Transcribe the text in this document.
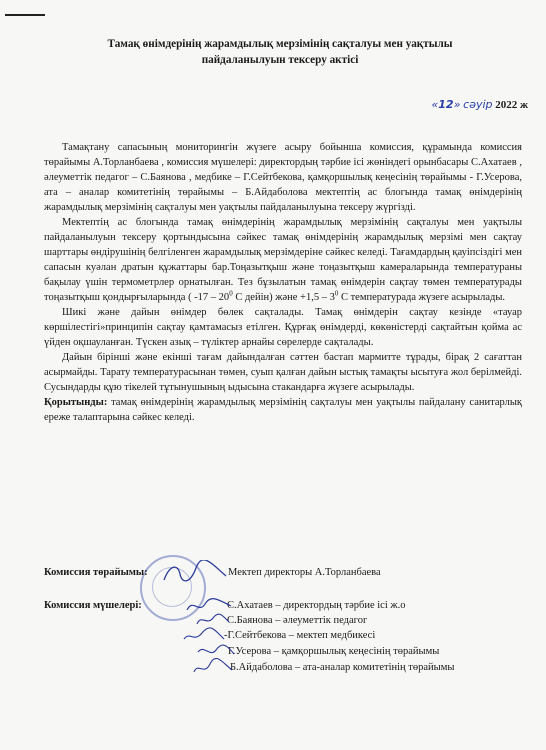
Тамақ өнімдерінің жарамдылық мерзімінің сақталуы мен уақтылы
пайдаланылуын тексеру актісі
«12» сәуір 2022 ж

Тамақтану сапасының мониторингін жүзеге асыру бойынша комиссия, құрамында комиссия төрайымы А.Торланбаева , комиссия мүшелері: директордың тәрбие ісі жөніндегі орынбасары С.Ахатаев , әлеуметтік педагог – С.Баянова , медбике – Г.Сейтбекова, қамқоршылық кеңесінің төрайымы - Г.Усерова, ата – аналар комитетінің төрайымы – Б.Айдаболова мектептің ас блогында тамақ өнімдерінің жарамдылық мерзімінің сақталуы мен уақтылы пайдаланылуына тексеру жүргізді.

Мектептің ас блогында тамақ өнімдерінің жарамдылық мерзімінің сақталуы мен уақтылы пайдаланылуын тексеру қортындысына сәйкес тамақ өнімдерінің жарамдылық мерзімі мен сақтау шарттары өндірушінің белгіленген жарамдылық мерзімдеріне сәйкес келеді. Тағамдардың қауіпсіздігі мен сапасын куәлан дратын құжаттары бар.Тоңазытқыш және тоңазытқыш камераларында температураны бақылау үшін термометрлер орнатылған. Тез бұзылатын тамақ өнімдерін сақтау төмен температурады тоңазытқыш қондырғыларында ( $-17 - 20^0$ С дейін) және $+1,5 - 3^0$ С температурада жүзеге асырылады.

Шикі және дайын өнімдер бөлек сақталады. Тамақ өнімдерін сақтау кезінде «тауар көршілестігі»принципін сақтау қамтамасыз етілген. Құрғақ өнімдерді, көкөністерді сақтайтын қойма ас үйден оқшауланған. Түскен азық – түліктер арнайы сөрелерде сақталады.

Дайын бірінші және екінші тағам дайындалған сәттен бастап мармитте тұрады, бірақ 2 сағаттан асырмайды. Тарату температурасынан төмен, суып қалған дайын ыстық тамақты ысытуға жол берілмейді. Сусындарды құю тікелей тұтынушының ыдысына стакандарға жүзеге асырылады.

Қорытынды: тамақ өнімдерінің жарамдылық мерзімінің сақталуы мен уақтылы пайдалану санитарлық ереже талаптарына сәйкес келеді.

Комиссия төрайымы:	Мектеп директоры А.Торланбаева
Комиссия мүшелері:	С.Ахатаев – директордың тәрбие ісі ж.о
С.Баянова – әлеуметтік педагог
-Г.Сейтбекова – мектеп медбикесі
Г.Усерова – қамқоршылық кеңесінің төрайымы
Б.Айдаболова – ата-аналар комитетінің төрайымы
